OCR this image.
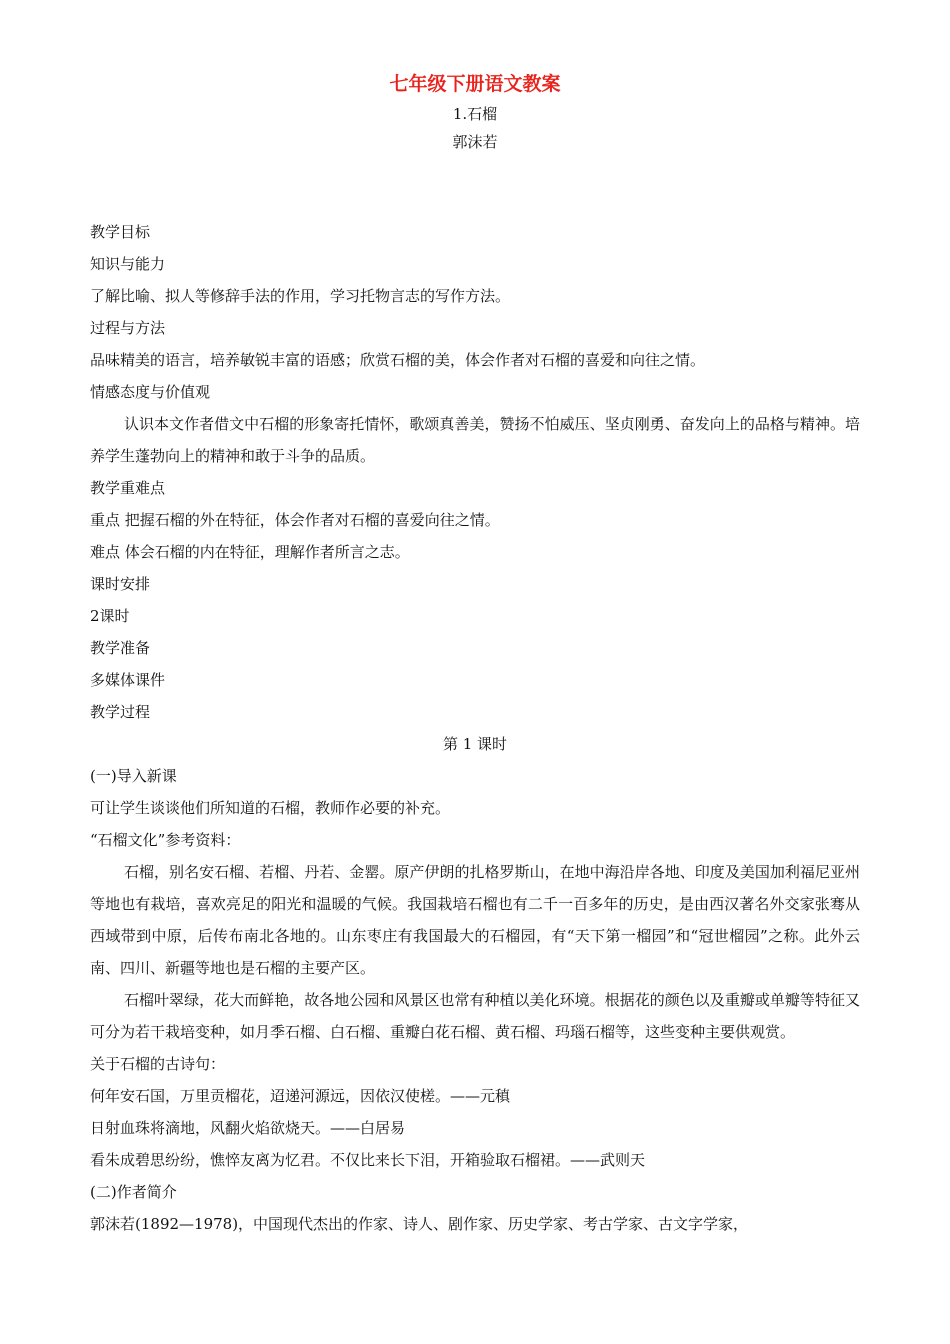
七年级下册语文教案
1.石榴
郭沫若

教学目标

知识与能力

了解比喻、拟人等修辞手法的作用，学习托物言志的写作方法。

过程与方法

品味精美的语言，培养敏锐丰富的语感；欣赏石榴的美，体会作者对石榴的喜爱和向往之情。

情感态度与价值观

认识本文作者借文中石榴的形象寄托情怀，歌颂真善美，赞扬不怕威压、坚贞刚勇、奋发向上的品格与精神。培养学生蓬勃向上的精神和敢于斗争的品质。

教学重难点

重点 把握石榴的外在特征，体会作者对石榴的喜爱向往之情。

难点 体会石榴的内在特征，理解作者所言之志。

课时安排

2课时

教学准备

多媒体课件

教学过程

第 1 课时

(一)导入新课

可让学生谈谈他们所知道的石榴，教师作必要的补充。

“石榴文化”参考资料：

石榴，别名安石榴、若榴、丹若、金罂。原产伊朗的扎格罗斯山，在地中海沿岸各地、印度及美国加利福尼亚州等地也有栽培，喜欢亮足的阳光和温暖的气候。我国栽培石榴也有二千一百多年的历史，是由西汉著名外交家张骞从西域带到中原，后传布南北各地的。山东枣庄有我国最大的石榴园，有“天下第一榴园”和“冠世榴园”之称。此外云南、四川、新疆等地也是石榴的主要产区。

石榴叶翠绿，花大而鲜艳，故各地公园和风景区也常有种植以美化环境。根据花的颜色以及重瓣或单瓣等特征又可分为若干栽培变种，如月季石榴、白石榴、重瓣白花石榴、黄石榴、玛瑙石榴等，这些变种主要供观赏。

关于石榴的古诗句：

何年安石国，万里贡榴花，迢递河源远，因依汉使槎。——元稹

日射血珠将滴地，风翻火焰欲烧天。——白居易

看朱成碧思纷纷，憔悴友离为忆君。不仅比来长下泪，开箱验取石榴裙。——武则天

(二)作者简介

郭沫若(1892—1978)，中国现代杰出的作家、诗人、剧作家、历史学家、考古学家、古文字学家，
